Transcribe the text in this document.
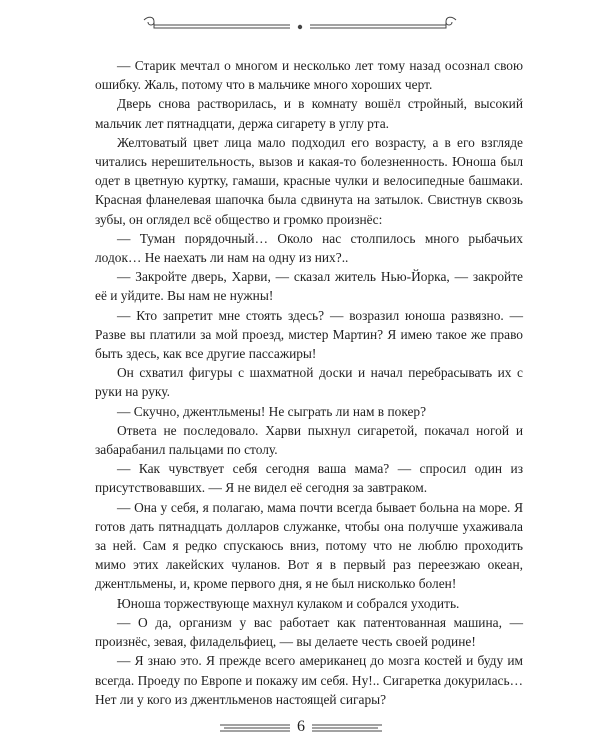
— Старик мечтал о многом и несколько лет тому назад осознал свою ошибку. Жаль, потому что в мальчике много хороших черт.

Дверь снова растворилась, и в комнату вошёл стройный, высокий мальчик лет пятнадцати, держа сигарету в углу рта.

Желтоватый цвет лица мало подходил его возрасту, а в его взгляде читались нерешительность, вызов и какая-то болезненность. Юноша был одет в цветную куртку, гамаши, красные чулки и велосипедные башмаки. Красная фланелевая шапочка была сдвинута на затылок. Свистнув сквозь зубы, он оглядел всё общество и громко произнёс:

— Туман порядочный… Около нас столпилось много рыбачьих лодок… Не наехать ли нам на одну из них?..

— Закройте дверь, Харви, — сказал житель Нью-Йорка, — закройте её и уйдите. Вы нам не нужны!

— Кто запретит мне стоять здесь? — возразил юноша развязно. — Разве вы платили за мой проезд, мистер Мартин? Я имею такое же право быть здесь, как все другие пассажиры!

Он схватил фигуры с шахматной доски и начал перебрасывать их с руки на руку.

— Скучно, джентльмены! Не сыграть ли нам в покер?

Ответа не последовало. Харви пыхнул сигаретой, покачал ногой и забарабанил пальцами по столу.

— Как чувствует себя сегодня ваша мама? — спросил один из присутствовавших. — Я не видел её сегодня за завтраком.

— Она у себя, я полагаю, мама почти всегда бывает больна на море. Я готов дать пятнадцать долларов служанке, чтобы она получше ухаживала за ней. Сам я редко спускаюсь вниз, потому что не люблю проходить мимо этих лакейских чуланов. Вот я в первый раз переезжаю океан, джентльмены, и, кроме первого дня, я не был нисколько болен!

Юноша торжествующе махнул кулаком и собрался уходить.

— О да, организм у вас работает как патентованная машина, — произнёс, зевая, филадельфиец, — вы делаете честь своей родине!

— Я знаю это. Я прежде всего американец до мозга костей и буду им всегда. Проеду по Европе и покажу им себя. Ну!.. Сигаретка докурилась… Нет ли у кого из джентльменов настоящей сигары?

6
